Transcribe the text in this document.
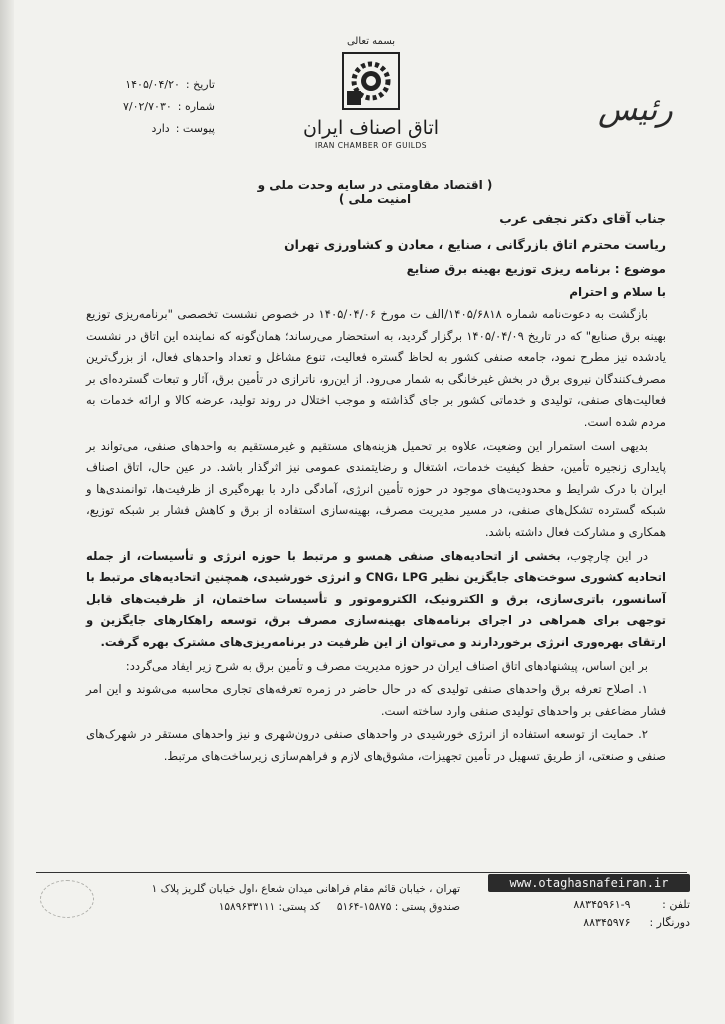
رئیس
بسمه تعالی
اتاق اصناف ایران
IRAN CHAMBER OF GUILDS
تاریخ :
۱۴۰۵/۰۴/۲۰
شماره :
۷/۰۲/۷۰۳۰
پیوست :
دارد
( اقتصاد مقاومتی در سایه وحدت ملی و امنیت ملی )
جناب آقای دکتر نجفی عرب
ریاست محترم اتاق بازرگانی ، صنایع ، معادن و کشاورزی تهران
موضوع : برنامه ریزی توزیع بهینه برق صنایع
با سلام و احترام

بازگشت به دعوت‌نامه شماره ۱۴۰۵/۶۸۱۸/الف ت مورخ ۱۴۰۵/۰۴/۰۶ در خصوص نشست تخصصی "برنامه‌ریزی توزیع بهینه برق صنایع" که در تاریخ ۱۴۰۵/۰۴/۰۹ برگزار گردید، به استحضار می‌رساند؛ همان‌گونه که نماینده این اتاق در نشست یادشده نیز مطرح نمود، جامعه صنفی کشور به لحاظ گستره فعالیت، تنوع مشاغل و تعداد واحدهای فعال، از بزرگ‌ترین مصرف‌کنندگان نیروی برق در بخش غیرخانگی به شمار می‌رود. از این‌رو، ناترازی در تأمین برق، آثار و تبعات گسترده‌ای بر فعالیت‌های صنفی، تولیدی و خدماتی کشور بر جای گذاشته و موجب اختلال در روند تولید، عرضه کالا و ارائه خدمات به مردم شده است.

بدیهی است استمرار این وضعیت، علاوه بر تحمیل هزینه‌های مستقیم و غیرمستقیم به واحدهای صنفی، می‌تواند بر پایداری زنجیره تأمین، حفظ کیفیت خدمات، اشتغال و رضایتمندی عمومی نیز اثرگذار باشد. در عین حال، اتاق اصناف ایران با درک شرایط و محدودیت‌های موجود در حوزه تأمین انرژی، آمادگی دارد با بهره‌گیری از ظرفیت‌ها، توانمندی‌ها و شبکه گسترده تشکل‌های صنفی، در مسیر مدیریت مصرف، بهینه‌سازی استفاده از برق و کاهش فشار بر شبکه توزیع، همکاری و مشارکت فعال داشته باشد.

در این چارچوب، بخشی از اتحادیه‌های صنفی همسو و مرتبط با حوزه انرژی و تأسیسات، از جمله اتحادیه کشوری سوخت‌های جایگزین نظیر CNG، LPG و انرژی خورشیدی، همچنین اتحادیه‌های مرتبط با آسانسور، باتری‌سازی، برق و الکترونیک، الکتروموتور و تأسیسات ساختمان، از ظرفیت‌های قابل توجهی برای همراهی در اجرای برنامه‌های بهینه‌سازی مصرف برق، توسعه راهکارهای جایگزین و ارتقای بهره‌وری انرژی برخوردارند و می‌توان از این ظرفیت در برنامه‌ریزی‌های مشترک بهره گرفت.

بر این اساس، پیشنهادهای اتاق اصناف ایران در حوزه مدیریت مصرف و تأمین برق به شرح زیر ایفاد می‌گردد:

۱. اصلاح تعرفه برق واحدهای صنفی تولیدی که در حال حاضر در زمره تعرفه‌های تجاری محاسبه می‌شوند و این امر فشار مضاعفی بر واحدهای تولیدی صنفی وارد ساخته است.

۲. حمایت از توسعه استفاده از انرژی خورشیدی در واحدهای صنفی درون‌شهری و نیز واحدهای مستقر در شهرک‌های صنفی و صنعتی، از طریق تسهیل در تأمین تجهیزات، مشوق‌های لازم و فراهم‌سازی زیرساخت‌های مرتبط.

تهران ، خیابان قائم مقام فراهانی میدان شعاع ،اول خیابان گلریز پلاک ۱
صندوق پستی : ۱۵۸۷۵-۵۱۶۴     کد پستی: ۱۵۸۹۶۳۳۱۱۱
www.otaghasnafeiran.ir
تلفن : ۸۸۳۴۵۹۶۱-۹
دورنگار : ۸۸۳۴۵۹۷۶
